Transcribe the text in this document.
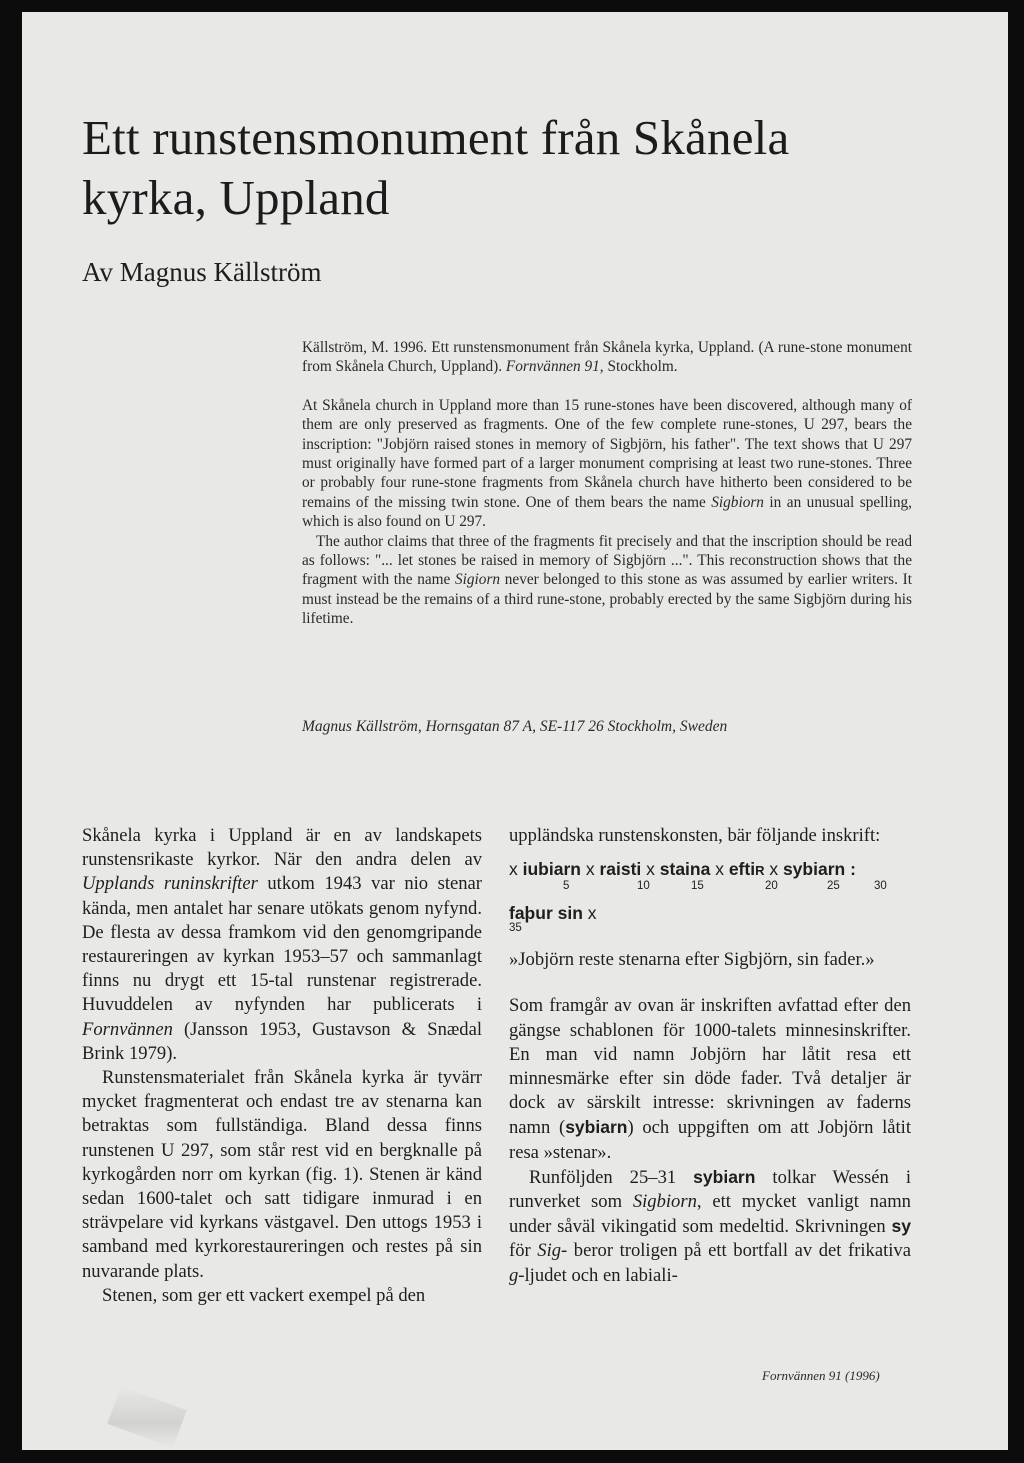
Ett runstensmonument från Skånela
kyrka, Uppland
Av Magnus Källström

Källström, M. 1996. Ett runstensmonument från Skånela kyrka, Uppland. (A rune-stone monument from Skånela Church, Uppland). Fornvännen 91, Stockholm.

At Skånela church in Uppland more than 15 rune-stones have been discovered, although many of them are only preserved as fragments. One of the few complete rune-stones, U 297, bears the inscription: "Jobjörn raised stones in memory of Sigbjörn, his father". The text shows that U 297 must originally have formed part of a larger monument comprising at least two rune-stones. Three or probably four rune-stone fragments from Skånela church have hitherto been considered to be remains of the missing twin stone. One of them bears the name Sigbiorn in an unusual spelling, which is also found on U 297.

The author claims that three of the fragments fit precisely and that the inscription should be read as follows: "... let stones be raised in memory of Sigbjörn ...". This reconstruction shows that the fragment with the name Sigiorn never belonged to this stone as was assumed by earlier writers. It must instead be the remains of a third rune-stone, probably erected by the same Sigbjörn during his lifetime.

Magnus Källström, Hornsgatan 87 A, SE-117 26 Stockholm, Sweden

Skånela kyrka i Uppland är en av landskapets runstensrikaste kyrkor. När den andra delen av Upplands runinskrifter utkom 1943 var nio stenar kända, men antalet har senare utökats genom nyfynd. De flesta av dessa framkom vid den genomgripande restaureringen av kyrkan 1953–57 och sammanlagt finns nu drygt ett 15-tal runstenar registrerade. Huvuddelen av nyfynden har publicerats i Fornvännen (Jansson 1953, Gustavson & Snædal Brink 1979).

Runstensmaterialet från Skånela kyrka är tyvärr mycket fragmenterat och endast tre av stenarna kan betraktas som fullständiga. Bland dessa finns runstenen U 297, som står rest vid en bergknalle på kyrkogården norr om kyrkan (fig. 1). Stenen är känd sedan 1600-talet och satt tidigare inmurad i en strävpelare vid kyrkans västgavel. Den uttogs 1953 i samband med kyrkorestaureringen och restes på sin nuvarande plats.

Stenen, som ger ett vackert exempel på den

uppländska runstenskonsten, bär följande inskrift:

x iubiarn x raisti x staina x eftiR x sybiarn :
5	10	15	20	25	30
faþur sin x
35

»Jobjörn reste stenarna efter Sigbjörn, sin fader.»

Som framgår av ovan är inskriften avfattad efter den gängse schablonen för 1000-talets minnesinskrifter. En man vid namn Jobjörn har låtit resa ett minnesmärke efter sin döde fader. Två detaljer är dock av särskilt intresse: skrivningen av faderns namn (sybiarn) och uppgiften om att Jobjörn låtit resa »stenar».

Runföljden 25–31 sybiarn tolkar Wessén i runverket som Sigbiorn, ett mycket vanligt namn under såväl vikingatid som medeltid. Skrivningen sy för Sig- beror troligen på ett bortfall av det frikativa g-ljudet och en labiali-

Fornvännen 91 (1996)
